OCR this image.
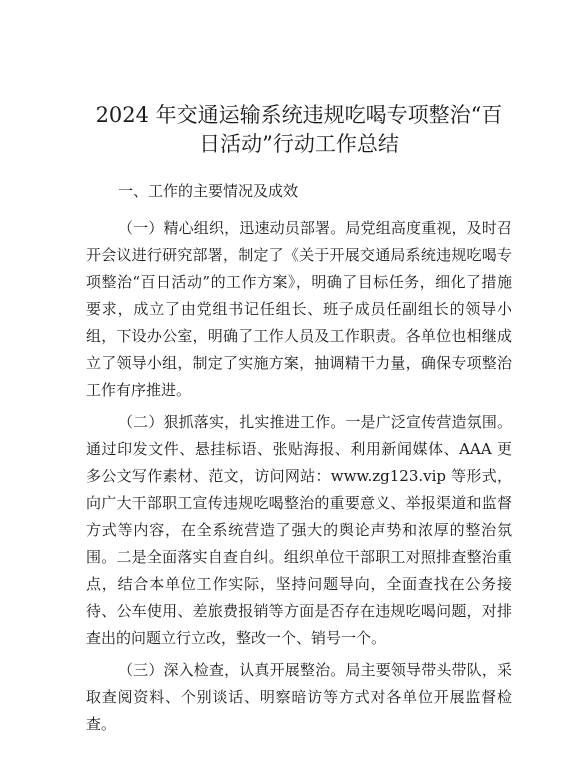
2024 年交通运输系统违规吃喝专项整治“百日活动”行动工作总结

一、工作的主要情况及成效

（一）精心组织，迅速动员部署。局党组高度重视，及时召开会议进行研究部署，制定了《关于开展交通局系统违规吃喝专项整治“百日活动”的工作方案》，明确了目标任务，细化了措施要求，成立了由党组书记任组长、班子成员任副组长的领导小组，下设办公室，明确了工作人员及工作职责。各单位也相继成立了领导小组，制定了实施方案，抽调精干力量，确保专项整治工作有序推进。

（二）狠抓落实，扎实推进工作。一是广泛宣传营造氛围。通过印发文件、悬挂标语、张贴海报、利用新闻媒体、AAA 更多公文写作素材、范文，访问网站：www.zg123.vip 等形式，向广大干部职工宣传违规吃喝整治的重要意义、举报渠道和监督方式等内容，在全系统营造了强大的舆论声势和浓厚的整治氛围。二是全面落实自查自纠。组织单位干部职工对照排查整治重点，结合本单位工作实际，坚持问题导向，全面查找在公务接待、公车使用、差旅费报销等方面是否存在违规吃喝问题，对排查出的问题立行立改，整改一个、销号一个。

（三）深入检查，认真开展整治。局主要领导带头带队，采取查阅资料、个别谈话、明察暗访等方式对各单位开展监督检查。
